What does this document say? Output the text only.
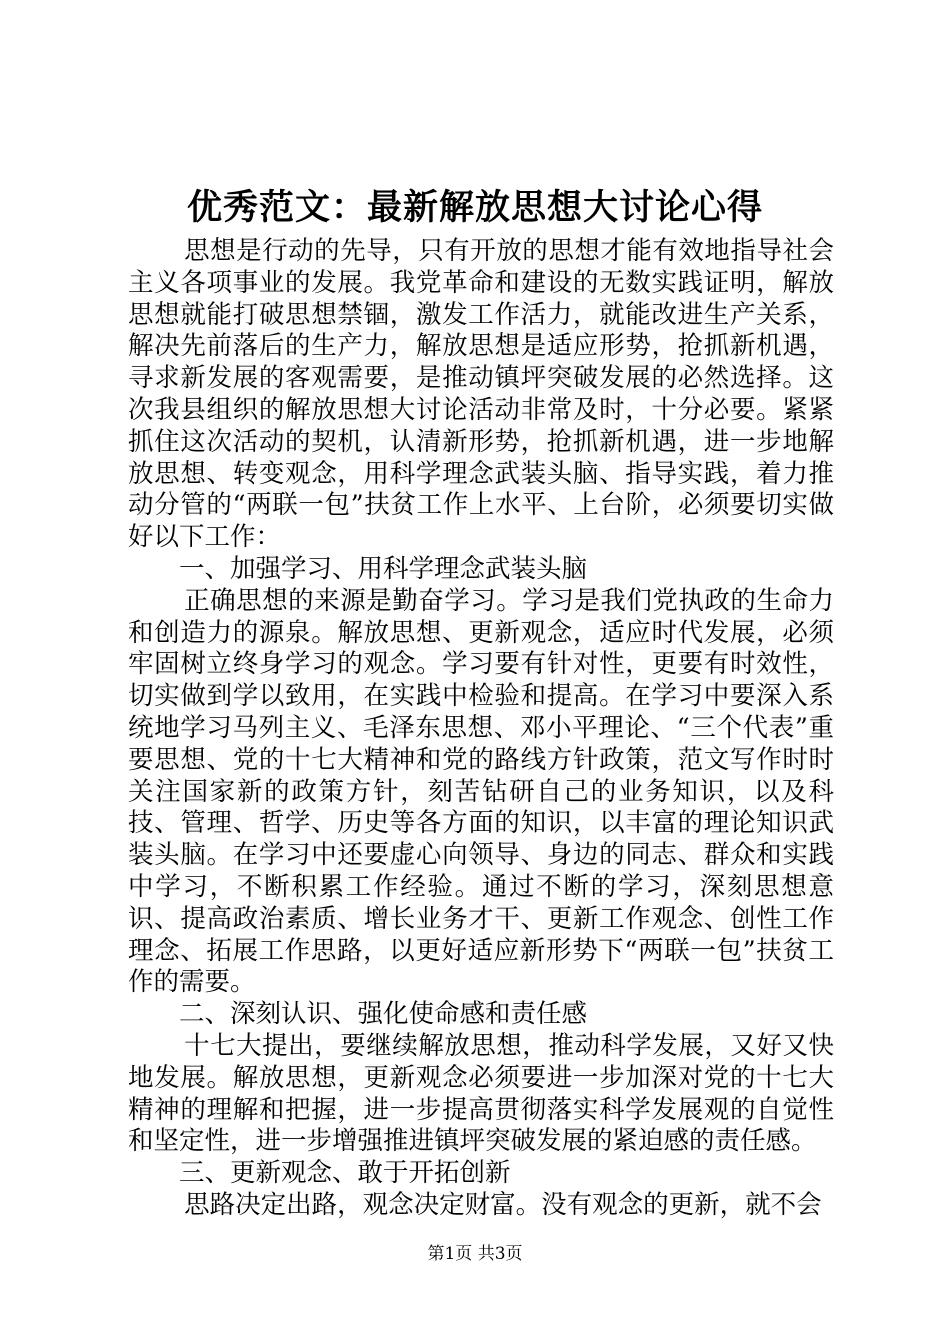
优秀范文：最新解放思想大讨论心得

思想是行动的先导，只有开放的思想才能有效地指导社会主义各项事业的发展。我党革命和建设的无数实践证明，解放思想就能打破思想禁锢，激发工作活力，就能改进生产关系，解决先前落后的生产力，解放思想是适应形势，抢抓新机遇，寻求新发展的客观需要，是推动镇坪突破发展的必然选择。这次我县组织的解放思想大讨论活动非常及时，十分必要。紧紧抓住这次活动的契机，认清新形势，抢抓新机遇，进一步地解放思想、转变观念，用科学理念武装头脑、指导实践，着力推动分管的“两联一包”扶贫工作上水平、上台阶，必须要切实做好以下工作：

一、加强学习、用科学理念武装头脑

正确思想的来源是勤奋学习。学习是我们党执政的生命力和创造力的源泉。解放思想、更新观念，适应时代发展，必须牢固树立终身学习的观念。学习要有针对性，更要有时效性，切实做到学以致用，在实践中检验和提高。在学习中要深入系统地学习马列主义、毛泽东思想、邓小平理论、“三个代表”重要思想、党的十七大精神和党的路线方针政策，范文写作时时关注国家新的政策方针，刻苦钻研自己的业务知识，以及科技、管理、哲学、历史等各方面的知识，以丰富的理论知识武装头脑。在学习中还要虚心向领导、身边的同志、群众和实践中学习，不断积累工作经验。通过不断的学习，深刻思想意识、提高政治素质、增长业务才干、更新工作观念、创性工作理念、拓展工作思路，以更好适应新形势下“两联一包”扶贫工作的需要。

二、深刻认识、强化使命感和责任感

十七大提出，要继续解放思想，推动科学发展，又好又快地发展。解放思想，更新观念必须要进一步加深对党的十七大精神的理解和把握，进一步提高贯彻落实科学发展观的自觉性和坚定性，进一步增强推进镇坪突破发展的紧迫感的责任感。

三、更新观念、敢于开拓创新

思路决定出路，观念决定财富。没有观念的更新，就不会

第1页 共3页
